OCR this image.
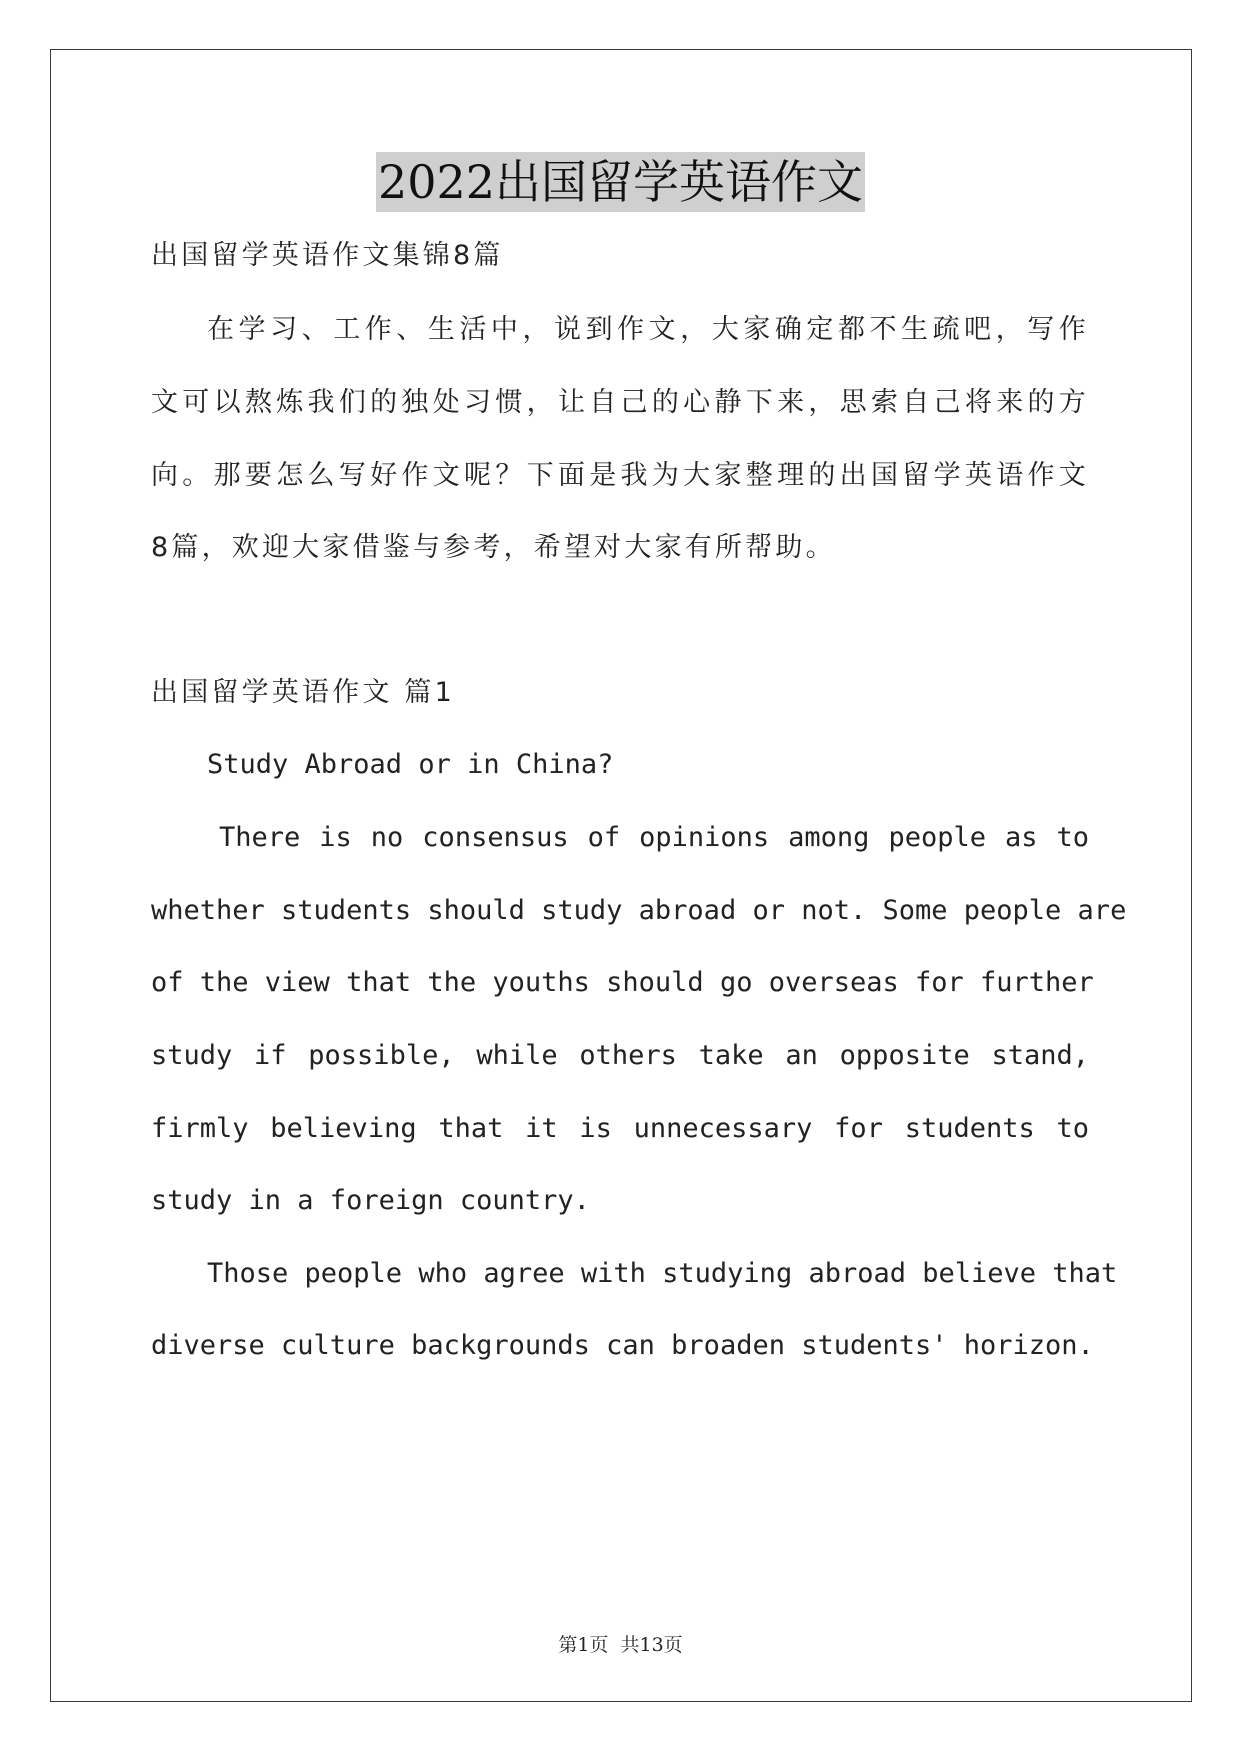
2022出国留学英语作文
出国留学英语作文集锦8篇
在学习、工作、生活中，说到作文，大家确定都不生疏吧，写作
文可以熬炼我们的独处习惯，让自己的心静下来，思索自己将来的方
向。那要怎么写好作文呢？下面是我为大家整理的出国留学英语作文
8篇，欢迎大家借鉴与参考，希望对大家有所帮助。
出国留学英语作文 篇1
Study Abroad or in China?
There is no consensus of opinions among people as to
whether students should study abroad or not. Some people are
of the view that the youths should go overseas for further
study if possible, while others take an opposite stand,
firmly believing that it is unnecessary for students to
study in a foreign country.
Those people who agree with studying abroad believe that
diverse culture backgrounds can broaden students' horizon.
第1页  共13页
